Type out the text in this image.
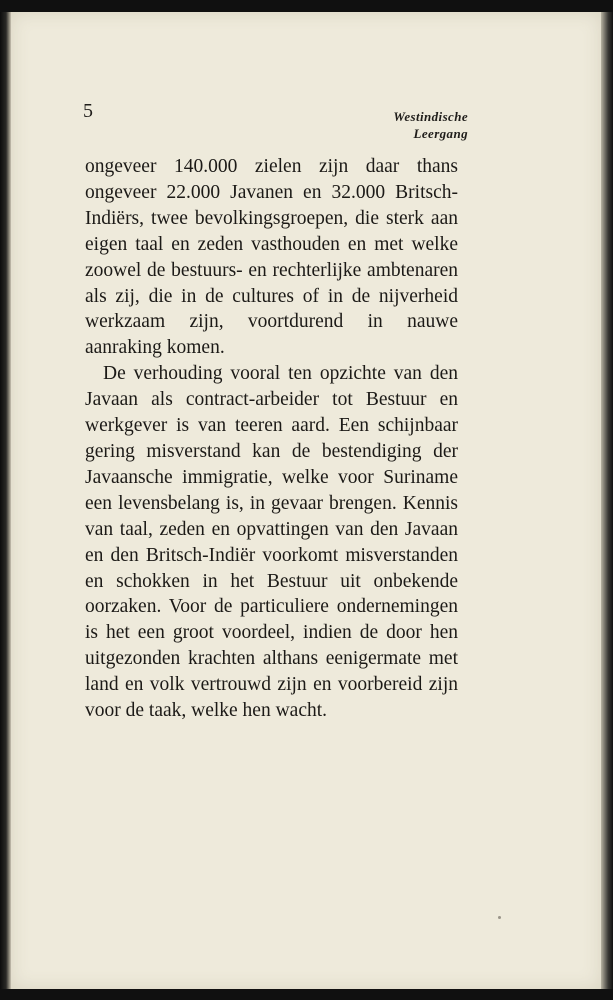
5	Westindische
Leergang

ongeveer 140.000 zielen zijn daar thans ongeveer 22.000 Javanen en 32.000 Britsch-Indiërs, twee bevolkingsgroepen, die sterk aan eigen taal en zeden vasthouden en met welke zoowel de bestuurs- en rechterlijke ambtenaren als zij, die in de cultures of in de nijverheid werkzaam zijn, voortdurend in nauwe aanraking komen.

De verhouding vooral ten opzichte van den Javaan als contract-arbeider tot Bestuur en werkgever is van teeren aard. Een schijnbaar gering misverstand kan de bestendiging der Javaansche immigratie, welke voor Suriname een levensbelang is, in gevaar brengen. Kennis van taal, zeden en opvattingen van den Javaan en den Britsch-Indiër voorkomt misverstanden en schokken in het Bestuur uit onbekende oorzaken. Voor de particuliere ondernemingen is het een groot voordeel, indien de door hen uitgezonden krachten althans eenigermate met land en volk vertrouwd zijn en voorbereid zijn voor de taak, welke hen wacht.
